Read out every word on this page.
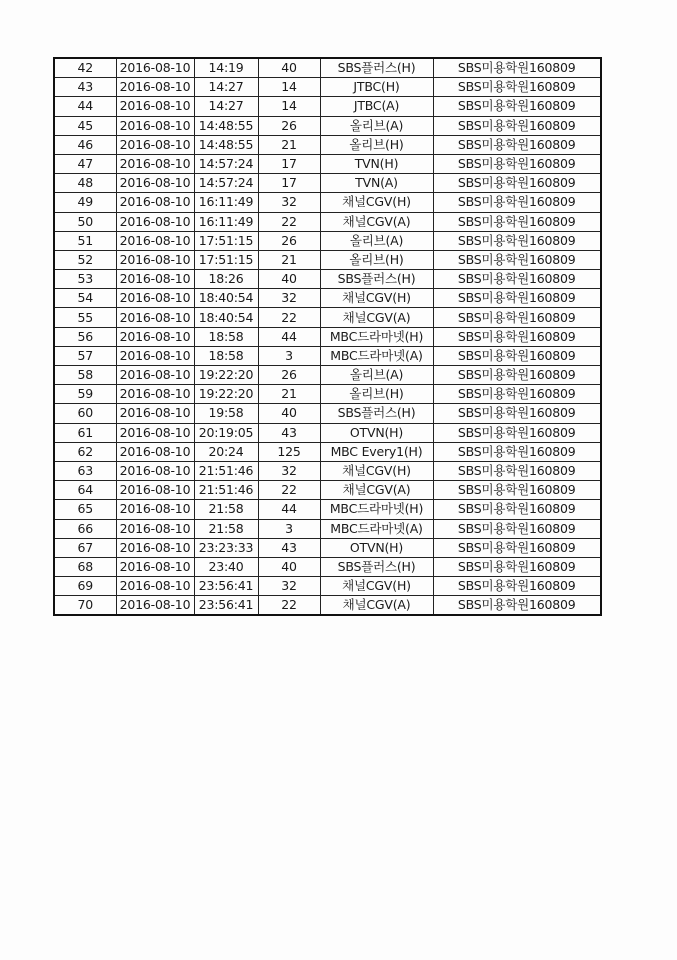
42	2016-08-10	14:19	40	SBS플러스(H)	SBS미용학원160809
43	2016-08-10	14:27	14	JTBC(H)	SBS미용학원160809
44	2016-08-10	14:27	14	JTBC(A)	SBS미용학원160809
45	2016-08-10	14:48:55	26	올리브(A)	SBS미용학원160809
46	2016-08-10	14:48:55	21	올리브(H)	SBS미용학원160809
47	2016-08-10	14:57:24	17	TVN(H)	SBS미용학원160809
48	2016-08-10	14:57:24	17	TVN(A)	SBS미용학원160809
49	2016-08-10	16:11:49	32	채널CGV(H)	SBS미용학원160809
50	2016-08-10	16:11:49	22	채널CGV(A)	SBS미용학원160809
51	2016-08-10	17:51:15	26	올리브(A)	SBS미용학원160809
52	2016-08-10	17:51:15	21	올리브(H)	SBS미용학원160809
53	2016-08-10	18:26	40	SBS플러스(H)	SBS미용학원160809
54	2016-08-10	18:40:54	32	채널CGV(H)	SBS미용학원160809
55	2016-08-10	18:40:54	22	채널CGV(A)	SBS미용학원160809
56	2016-08-10	18:58	44	MBC드라마넷(H)	SBS미용학원160809
57	2016-08-10	18:58	3	MBC드라마넷(A)	SBS미용학원160809
58	2016-08-10	19:22:20	26	올리브(A)	SBS미용학원160809
59	2016-08-10	19:22:20	21	올리브(H)	SBS미용학원160809
60	2016-08-10	19:58	40	SBS플러스(H)	SBS미용학원160809
61	2016-08-10	20:19:05	43	OTVN(H)	SBS미용학원160809
62	2016-08-10	20:24	125	MBC Every1(H)	SBS미용학원160809
63	2016-08-10	21:51:46	32	채널CGV(H)	SBS미용학원160809
64	2016-08-10	21:51:46	22	채널CGV(A)	SBS미용학원160809
65	2016-08-10	21:58	44	MBC드라마넷(H)	SBS미용학원160809
66	2016-08-10	21:58	3	MBC드라마넷(A)	SBS미용학원160809
67	2016-08-10	23:23:33	43	OTVN(H)	SBS미용학원160809
68	2016-08-10	23:40	40	SBS플러스(H)	SBS미용학원160809
69	2016-08-10	23:56:41	32	채널CGV(H)	SBS미용학원160809
70	2016-08-10	23:56:41	22	채널CGV(A)	SBS미용학원160809
